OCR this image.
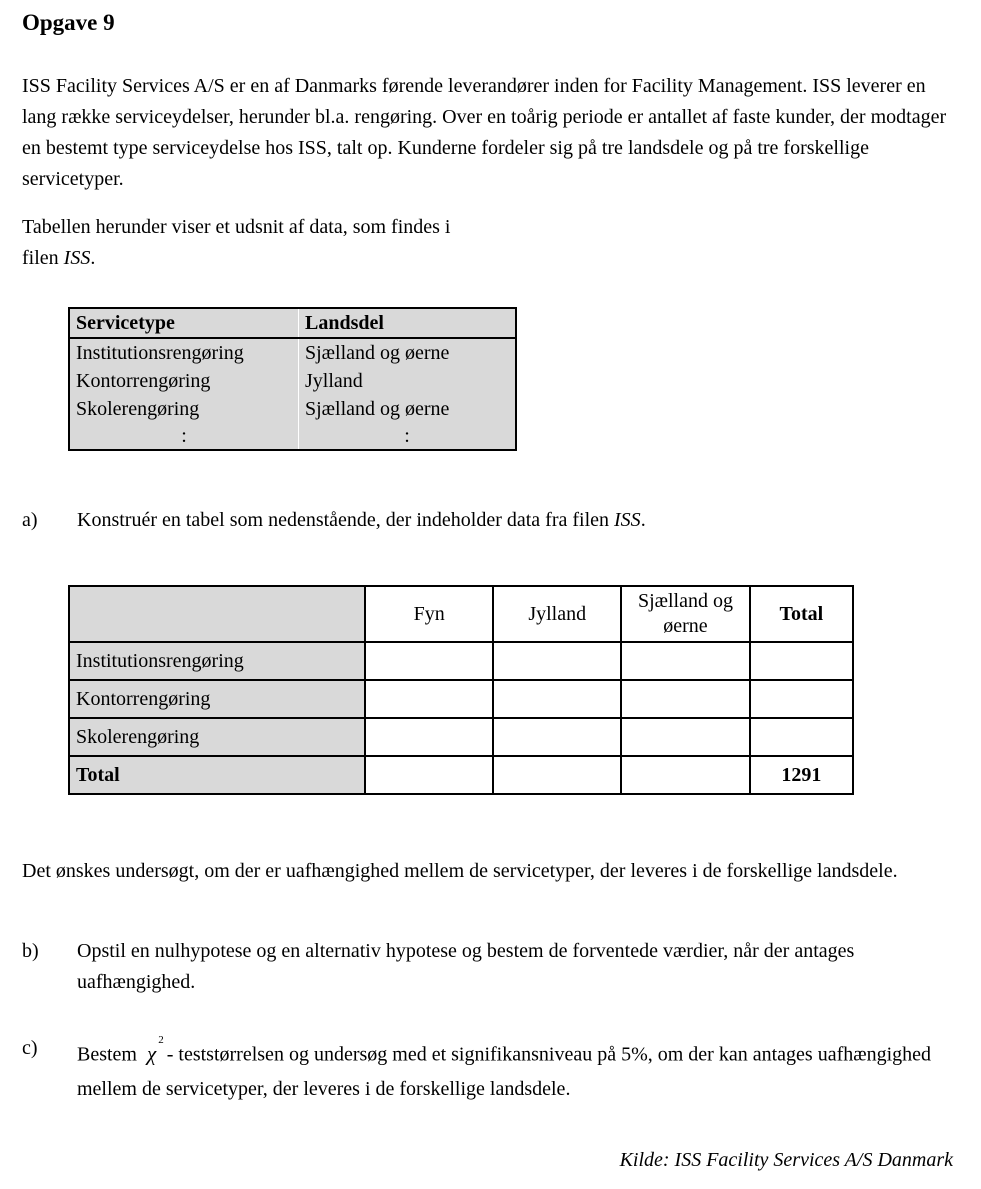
Opgave 9
ISS Facility Services A/S er en af Danmarks førende leverandører inden for Facility Management. ISS leverer en lang række serviceydelser, herunder bl.a. rengøring. Over en toårig periode er antallet af faste kunder, der modtager en bestemt type serviceydelse hos ISS, talt op. Kunderne fordeler sig på tre landsdele og på tre forskellige servicetyper.
Tabellen herunder viser et udsnit af data, som findes i
filen ISS.
Servicetype	Landsdel
Institutionsrengøring	Sjælland og øerne
Kontorrengøring	Jylland
Skolerengøring	Sjælland og øerne
:	:
a) Konstruér en tabel som nedenstående, der indeholder data fra filen ISS.
	Fyn	Jylland	Sjælland og øerne	Total
Institutionsrengøring				
Kontorrengøring				
Skolerengøring				
Total				1291
Det ønskes undersøgt, om der er uafhængighed mellem de servicetyper, der leveres i de forskellige landsdele.
b) Opstil en nulhypotese og en alternativ hypotese og bestem de forventede værdier, når der antages uafhængighed.
c) Bestem $\chi^2-$ teststørrelsen og undersøg med et signifikansniveau på 5%, om der kan antages uafhængighed mellem de servicetyper, der leveres i de forskellige landsdele.
Kilde: ISS Facility Services A/S Danmark
